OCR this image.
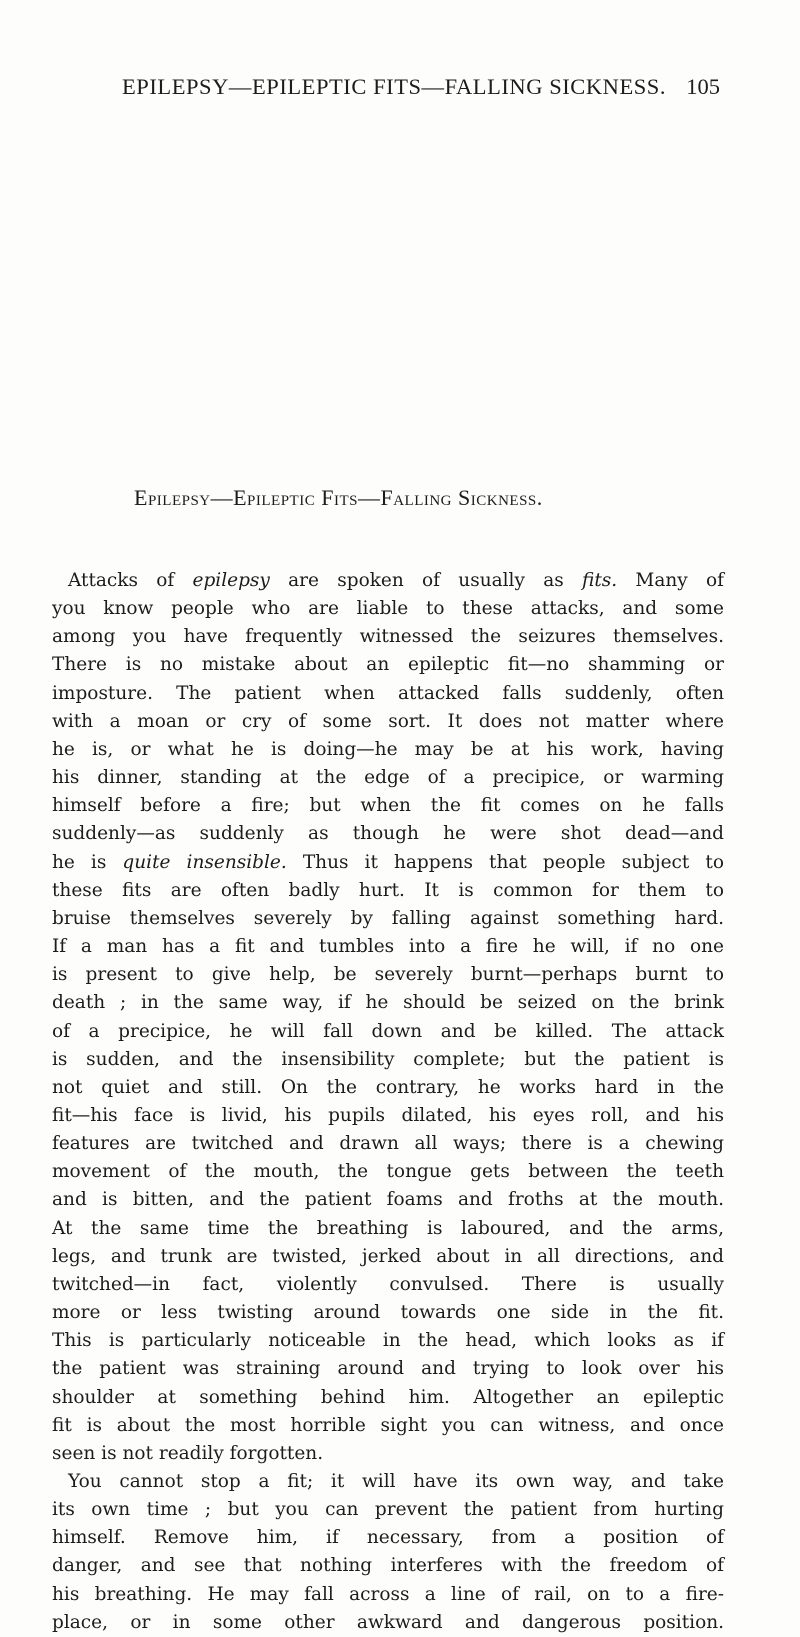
EPILEPSY—EPILEPTIC FITS—FALLING SICKNESS. 105
Epilepsy—Epileptic Fits—Falling Sickness.
Attacks of epilepsy are spoken of usually as fits. Many of
you know people who are liable to these attacks, and some
among you have frequently witnessed the seizures themselves.
There is no mistake about an epileptic fit—no shamming or
imposture. The patient when attacked falls suddenly, often
with a moan or cry of some sort. It does not matter where
he is, or what he is doing—he may be at his work, having
his dinner, standing at the edge of a precipice, or warming
himself before a fire; but when the fit comes on he falls
suddenly—as suddenly as though he were shot dead—and
he is quite insensible. Thus it happens that people subject to
these fits are often badly hurt. It is common for them to
bruise themselves severely by falling against something hard.
If a man has a fit and tumbles into a fire he will, if no one
is present to give help, be severely burnt—perhaps burnt to
death ; in the same way, if he should be seized on the brink
of a precipice, he will fall down and be killed. The attack
is sudden, and the insensibility complete; but the patient is
not quiet and still. On the contrary, he works hard in the
fit—his face is livid, his pupils dilated, his eyes roll, and his
features are twitched and drawn all ways; there is a chewing
movement of the mouth, the tongue gets between the teeth
and is bitten, and the patient foams and froths at the mouth.
At the same time the breathing is laboured, and the arms,
legs, and trunk are twisted, jerked about in all directions, and
twitched—in fact, violently convulsed. There is usually
more or less twisting around towards one side in the fit.
This is particularly noticeable in the head, which looks as if
the patient was straining around and trying to look over his
shoulder at something behind him. Altogether an epileptic
fit is about the most horrible sight you can witness, and once
seen is not readily forgotten.
You cannot stop a fit; it will have its own way, and take
its own time ; but you can prevent the patient from hurting
himself. Remove him, if necessary, from a position of
danger, and see that nothing interferes with the freedom of
his breathing. He may fall across a line of rail, on to a fire-
place, or in some other awkward and dangerous position.
